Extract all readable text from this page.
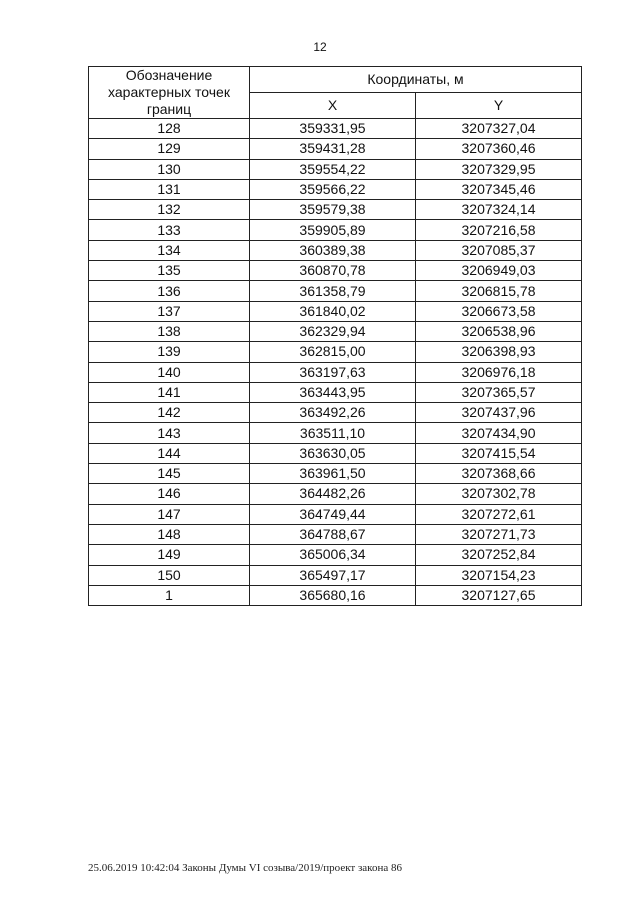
12
Обозначение характерных точек границ	Координаты, м	
	X	Y
128	359331,95	3207327,04
129	359431,28	3207360,46
130	359554,22	3207329,95
131	359566,22	3207345,46
132	359579,38	3207324,14
133	359905,89	3207216,58
134	360389,38	3207085,37
135	360870,78	3206949,03
136	361358,79	3206815,78
137	361840,02	3206673,58
138	362329,94	3206538,96
139	362815,00	3206398,93
140	363197,63	3206976,18
141	363443,95	3207365,57
142	363492,26	3207437,96
143	363511,10	3207434,90
144	363630,05	3207415,54
145	363961,50	3207368,66
146	364482,26	3207302,78
147	364749,44	3207272,61
148	364788,67	3207271,73
149	365006,34	3207252,84
150	365497,17	3207154,23
1	365680,16	3207127,65
25.06.2019 10:42:04 Законы Думы VI созыва/2019/проект закона 86
